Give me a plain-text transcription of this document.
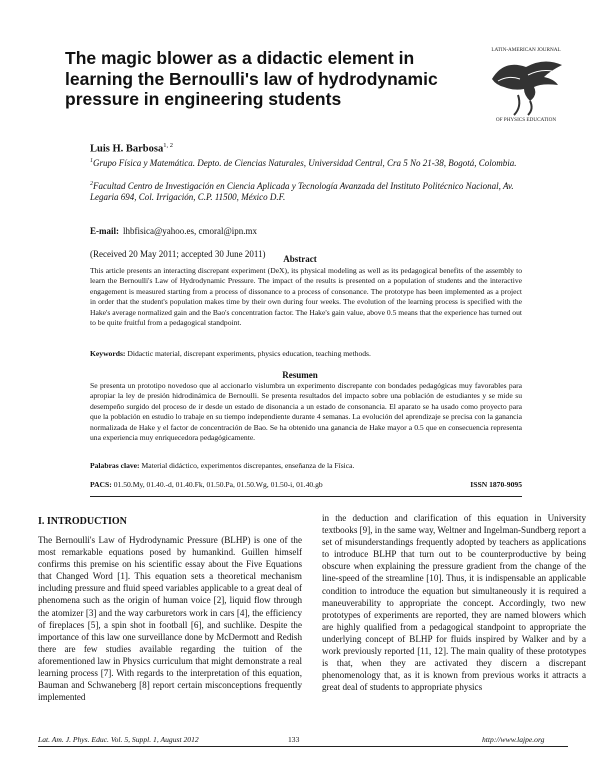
The magic blower as a didactic element in learning the Bernoulli's law of hydrodynamic pressure in engineering students
LATIN-AMERICAN JOURNAL
OF PHYSICS EDUCATION
Luis H. Barbosa$^{1, 2}$
$^1$Grupo Física y Matemática. Depto. de Ciencias Naturales, Universidad Central, Cra 5 No 21-38, Bogotá, Colombia.
$^2$Facultad Centro de Investigación en Ciencia Aplicada y Tecnología Avanzada del Instituto Politécnico Nacional, Av. Legaria 694, Col. Irrigación, C.P. 11500, México D.F.
E-mail: lhbfisica@yahoo.es, cmoral@ipn.mx
(Received 20 May 2011; accepted 30 June 2011)	Abstract
This article presents an interacting discrepant experiment (DeX), its physical modeling as well as its pedagogical benefits of the assembly to learn the Bernoulli's Law of Hydrodynamic Pressure. The impact of the results is presented on a population of students and the interactive engagement is measured starting from a process of dissonance to a process of consonance. The prototype has been implemented as a project in order that the student's population makes time by their own during four weeks. The evolution of the learning process is specified with the Hake's average normalized gain and the Bao's concentration factor. The Hake's gain value, above 0.5 means that the experience has turned out to be quite fruitful from a pedagogical standpoint.
Keywords: Didactic material, discrepant experiments, physics education, teaching methods.
Resumen
Se presenta un prototipo novedoso que al accionarlo vislumbra un experimento discrepante con bondades pedagógicas muy favorables para apropiar la ley de presión hidrodinámica de Bernoulli. Se presenta resultados del impacto sobre una población de estudiantes y se mide su desempeño surgido del proceso de ir desde un estado de disonancia a un estado de consonancia. El aparato se ha usado como proyecto para que la población en estudio lo trabaje en su tiempo independiente durante 4 semanas. La evolución del aprendizaje se precisa con la ganancia normalizada de Hake y el factor de concentración de Bao. Se ha obtenido una ganancia de Hake mayor a 0.5 que en consecuencia representa una experiencia muy enriquecedora pedagógicamente.
Palabras clave: Material didáctico, experimentos discrepantes, enseñanza de la Física.
PACS: 01.50.My, 01.40.-d, 01.40.Fk, 01.50.Pa, 01.50.Wg, 01.50-i, 01.40.gb	ISSN 1870-9095
I. INTRODUCTION
The Bernoulli's Law of Hydrodynamic Pressure (BLHP) is one of the most remarkable equations posed by humankind. Guillen himself confirms this premise on his scientific essay about the Five Equations that Changed Word [1]. This equation sets a theoretical mechanism including pressure and fluid speed variables applicable to a great deal of phenomena such as the origin of human voice [2], liquid flow through the atomizer [3] and the way carburetors work in cars [4], the efficiency of fireplaces [5], a spin shot in football [6], and suchlike. Despite the importance of this law one surveillance done by McDermott and Redish there are few studies available regarding the tuition of the aforementioned law in Physics curriculum that might demonstrate a real learning process [7]. With regards to the interpretation of this equation, Bauman and Schwaneberg [8] report certain misconceptions frequently implemented
in the deduction and clarification of this equation in University textbooks [9], in the same way, Weltner and Ingelman-Sundberg report a set of misunderstandings frequently adopted by teachers as applications to introduce BLHP that turn out to be counterproductive by being obscure when explaining the pressure gradient from the change of the line-speed of the streamline [10]. Thus, it is indispensable an applicable condition to introduce the equation but simultaneously it is required a maneuverability to appropriate the concept. Accordingly, two new prototypes of experiments are reported, they are named blowers which are highly qualified from a pedagogical standpoint to appropriate the underlying concept of BLHP for fluids inspired by Walker and by a work previously reported [11, 12]. The main quality of these prototypes is that, when they are activated they discern a discrepant phenomenology that, as it is known from previous works it attracts a great deal of students to appropriate physics
Lat. Am. J. Phys. Educ. Vol. 5, Suppl. 1, August 2012	133	http://www.lajpe.org
